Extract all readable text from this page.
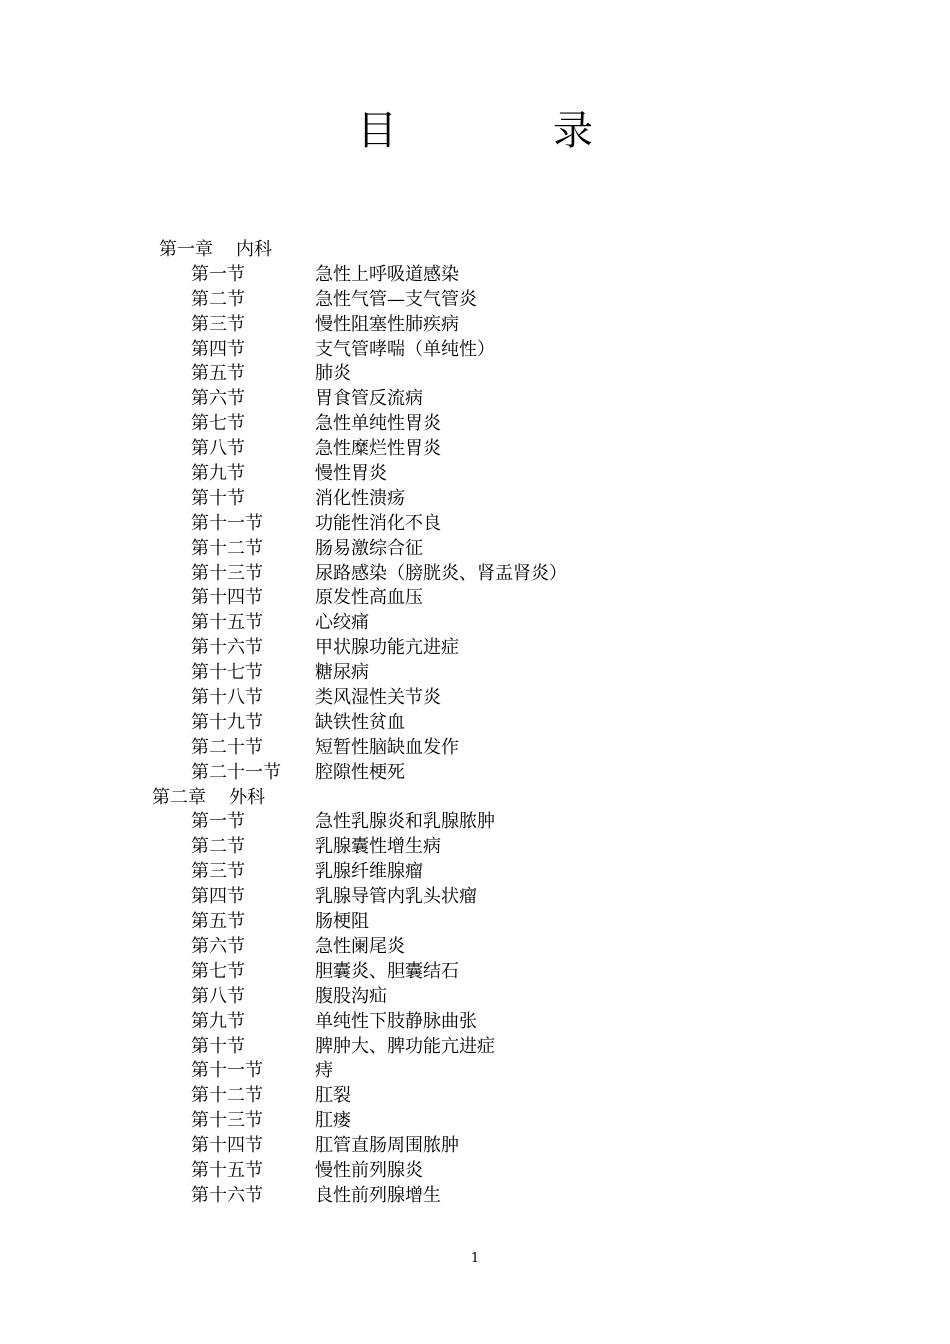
目　录
第一章 内科
第一节	急性上呼吸道感染
第二节	急性气管—支气管炎
第三节	慢性阻塞性肺疾病
第四节	支气管哮喘（单纯性）
第五节	肺炎
第六节	胃食管反流病
第七节	急性单纯性胃炎
第八节	急性糜烂性胃炎
第九节	慢性胃炎
第十节	消化性溃疡
第十一节	功能性消化不良
第十二节	肠易激综合征
第十三节	尿路感染（膀胱炎、肾盂肾炎）
第十四节	原发性高血压
第十五节	心绞痛
第十六节	甲状腺功能亢进症
第十七节	糖尿病
第十八节	类风湿性关节炎
第十九节	缺铁性贫血
第二十节	短暂性脑缺血发作
第二十一节 腔隙性梗死
第二章 外科
第一节	急性乳腺炎和乳腺脓肿
第二节	乳腺囊性增生病
第三节	乳腺纤维腺瘤
第四节	乳腺导管内乳头状瘤
第五节	肠梗阻
第六节	急性阑尾炎
第七节	胆囊炎、胆囊结石
第八节	腹股沟疝
第九节	单纯性下肢静脉曲张
第十节	脾肿大、脾功能亢进症
第十一节	痔
第十二节	肛裂
第十三节	肛瘘
第十四节	肛管直肠周围脓肿
第十五节	慢性前列腺炎
第十六节	良性前列腺增生
1
